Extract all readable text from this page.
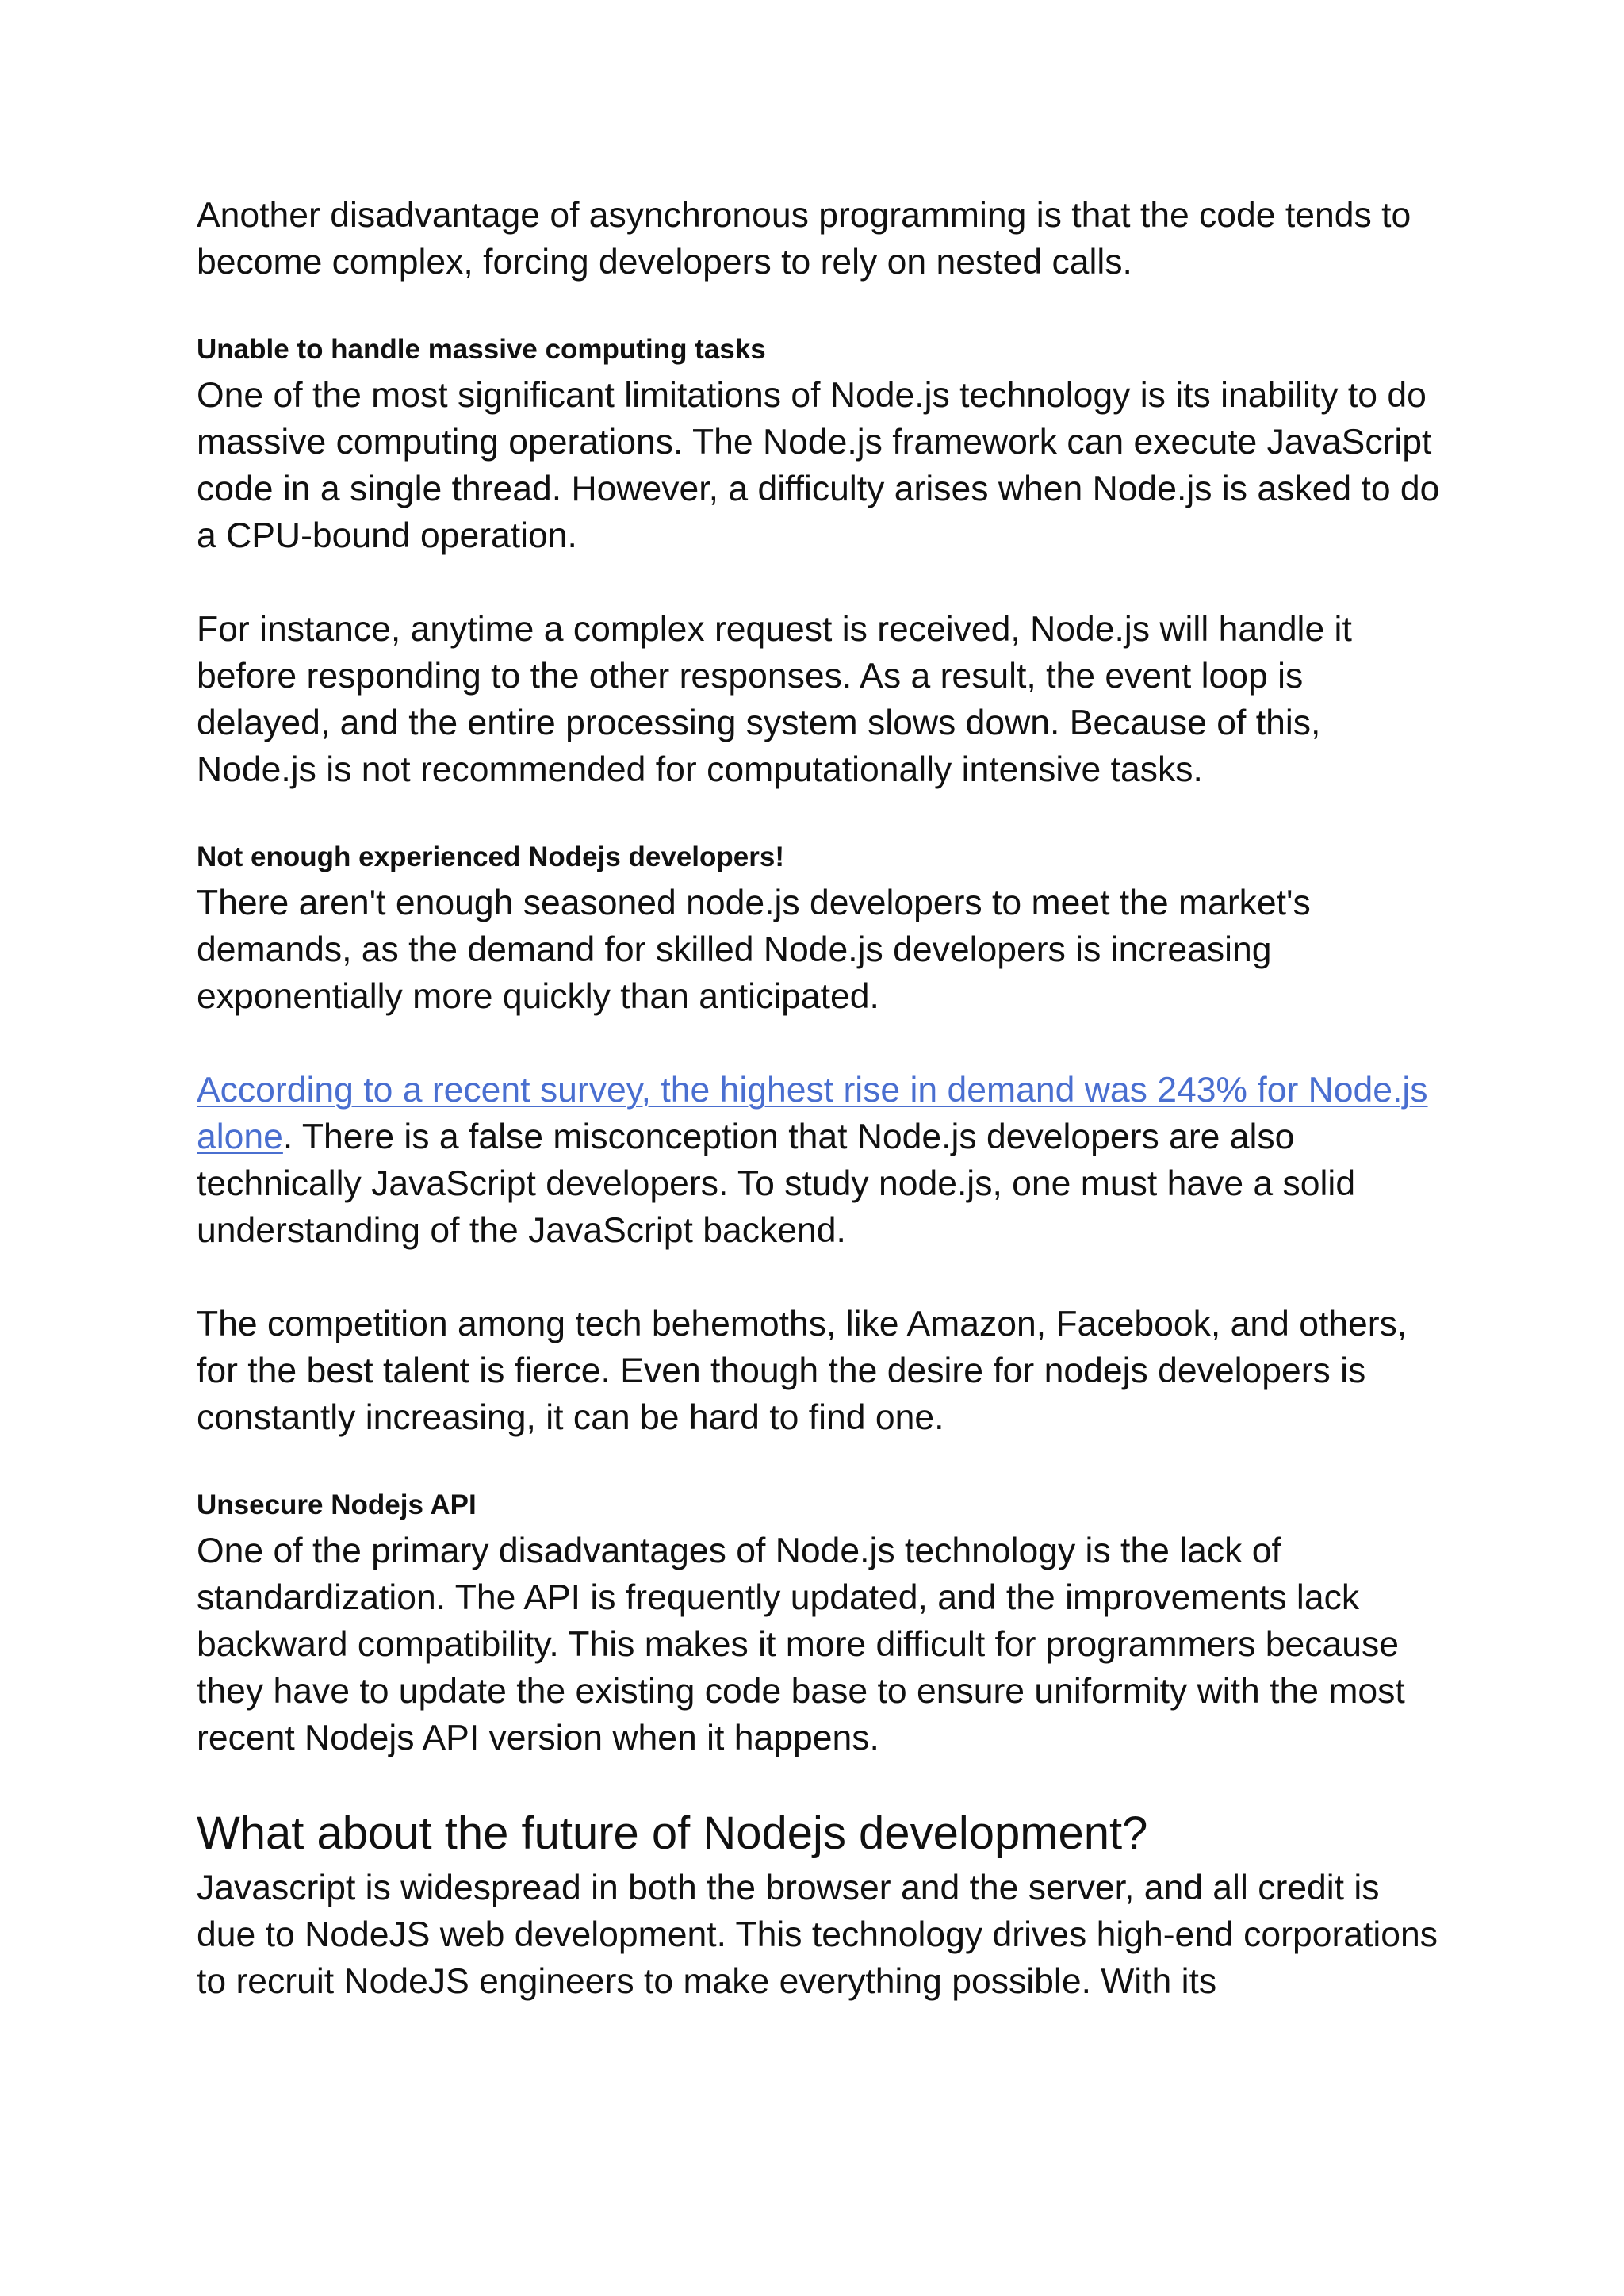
Another disadvantage of asynchronous programming is that the code tends to become complex, forcing developers to rely on nested calls.

Unable to handle massive computing tasks

One of the most significant limitations of Node.js technology is its inability to do massive computing operations. The Node.js framework can execute JavaScript code in a single thread. However, a difficulty arises when Node.js is asked to do a CPU-bound operation.

For instance, anytime a complex request is received, Node.js will handle it before responding to the other responses. As a result, the event loop is delayed, and the entire processing system slows down. Because of this, Node.js is not recommended for computationally intensive tasks.

Not enough experienced Nodejs developers!

There aren't enough seasoned node.js developers to meet the market's demands, as the demand for skilled Node.js developers is increasing exponentially more quickly than anticipated.

According to a recent survey, the highest rise in demand was 243% for Node.js alone. There is a false misconception that Node.js developers are also technically JavaScript developers. To study node.js, one must have a solid understanding of the JavaScript backend.

The competition among tech behemoths, like Amazon, Facebook, and others, for the best talent is fierce. Even though the desire for nodejs developers is constantly increasing, it can be hard to find one.

Unsecure Nodejs API

One of the primary disadvantages of Node.js technology is the lack of standardization. The API is frequently updated, and the improvements lack backward compatibility. This makes it more difficult for programmers because they have to update the existing code base to ensure uniformity with the most recent Nodejs API version when it happens.

What about the future of Nodejs development?

Javascript is widespread in both the browser and the server, and all credit is due to NodeJS web development. This technology drives high-end corporations to recruit NodeJS engineers to make everything possible. With its
